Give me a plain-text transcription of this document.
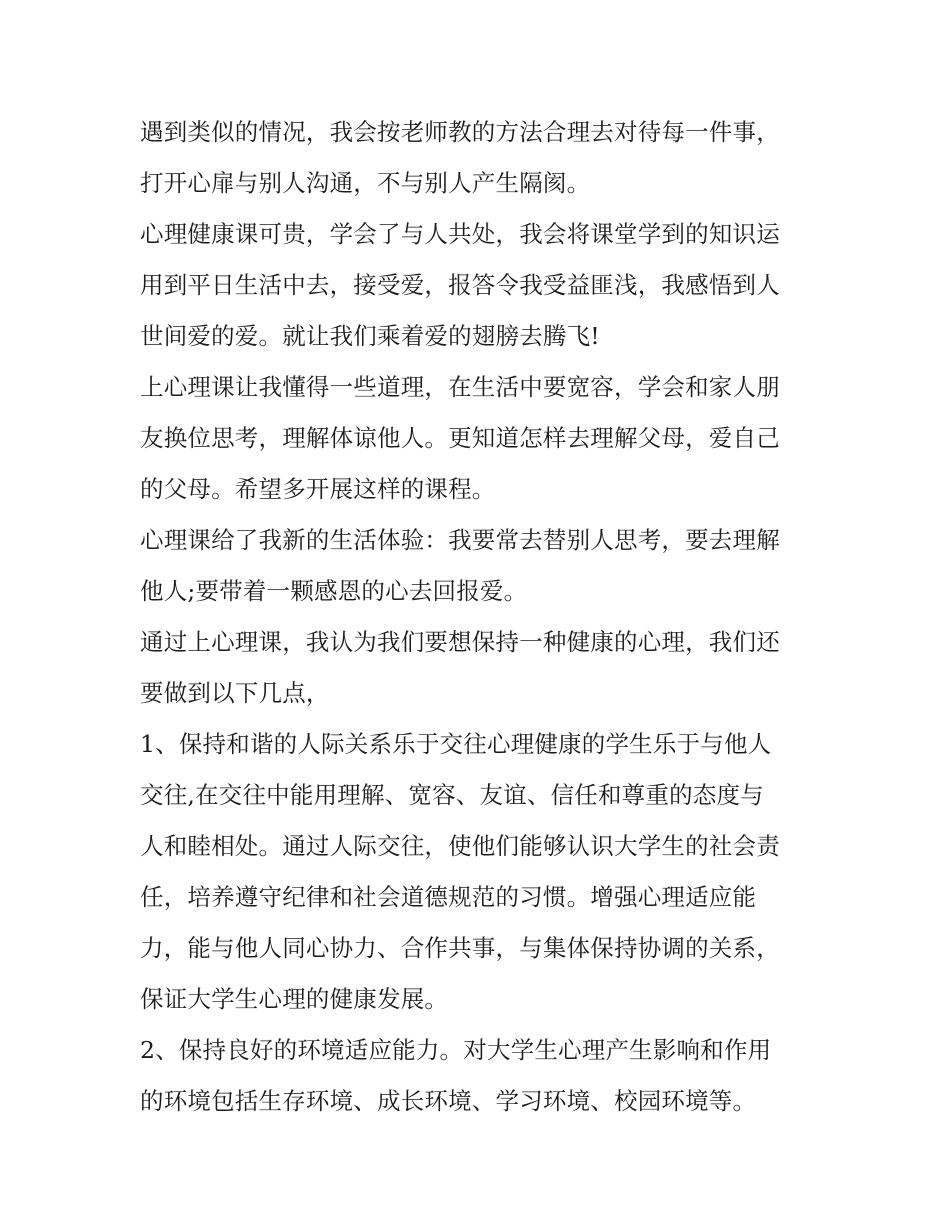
遇到类似的情况，我会按老师教的方法合理去对待每一件事，
打开心扉与别人沟通，不与别人产生隔阂。
心理健康课可贵，学会了与人共处，我会将课堂学到的知识运
用到平日生活中去，接受爱，报答令我受益匪浅，我感悟到人
世间爱的爱。就让我们乘着爱的翅膀去腾飞!
上心理课让我懂得一些道理，在生活中要宽容，学会和家人朋
友换位思考，理解体谅他人。更知道怎样去理解父母，爱自己
的父母。希望多开展这样的课程。
心理课给了我新的生活体验：我要常去替别人思考，要去理解
他人;要带着一颗感恩的心去回报爱。
通过上心理课，我认为我们要想保持一种健康的心理，我们还
要做到以下几点，
1、保持和谐的人际关系乐于交往心理健康的学生乐于与他人
交往,在交往中能用理解、宽容、友谊、信任和尊重的态度与
人和睦相处。通过人际交往，使他们能够认识大学生的社会责
任，培养遵守纪律和社会道德规范的习惯。增强心理适应能
力，能与他人同心协力、合作共事，与集体保持协调的关系，
保证大学生心理的健康发展。
2、保持良好的环境适应能力。对大学生心理产生影响和作用
的环境包括生存环境、成长环境、学习环境、校园环境等。
